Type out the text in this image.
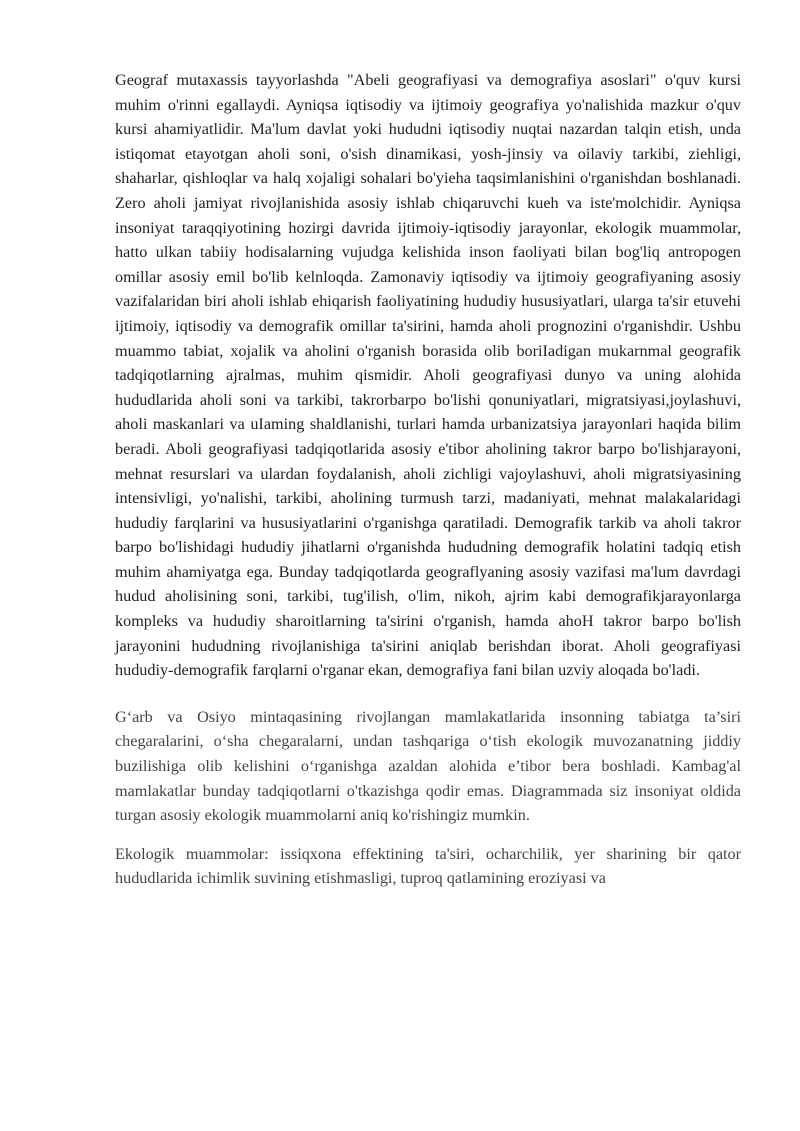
Geograf mutaxassis tayyorlashda "Abeli geografiyasi va demografiya asoslari" o'quv kursi muhim o'rinni egallaydi. Ayniqsa iqtisodiy va ijtimoiy geografiya yo'nalishida mazkur o'quv kursi ahamiyatlidir. Ma'lum davlat yoki hududni iqtisodiy nuqtai nazardan talqin etish, unda istiqomat etayotgan aholi soni, o'sish dinamikasi, yosh-jinsiy va oilaviy tarkibi, ziehligi, shaharlar, qishloqlar va halq xojaligi sohalari bo'yieha taqsimlanishini o'rganishdan boshlanadi. Zero aholi jamiyat rivojlanishida asosiy ishlab chiqaruvchi kueh va iste'molchidir. Ayniqsa insoniyat taraqqiyotining hozirgi davrida ijtimoiy-iqtisodiy jarayonlar, ekologik muammolar, hatto ulkan tabiiy hodisalarning vujudga kelishida inson faoliyati bilan bog'liq antropogen omillar asosiy emil bo'lib kelnloqda. Zamonaviy iqtisodiy va ijtimoiy geografiyaning asosiy vazifalaridan biri aholi ishlab ehiqarish faoliyatining hududiy hususiyatlari, ularga ta'sir etuvehi ijtimoiy, iqtisodiy va demografik omillar ta'sirini, hamda aholi prognozini o'rganishdir. Ushbu muammo tabiat, xojalik va aholini o'rganish borasida olib boriIadigan mukarnmal geografik tadqiqotlarning ajralmas, muhim qismidir. Aholi geografiyasi dunyo va uning alohida hududlarida aholi soni va tarkibi, takrorbarpo bo'lishi qonuniyatlari, migratsiyasi,joylashuvi, aholi maskanlari va uIaming shaldlanishi, turlari hamda urbanizatsiya jarayonlari haqida bilim beradi. Aboli geografiyasi tadqiqotlarida asosiy e'tibor aholining takror barpo bo'lishjarayoni, mehnat resurslari va ulardan foydalanish, aholi zichligi vajoylashuvi, aholi migratsiyasining intensivligi, yo'nalishi, tarkibi, aholining turmush tarzi, madaniyati, mehnat malakalaridagi hududiy farqlarini va hususiyatlarini o'rganishga qaratiladi. Demografik tarkib va aholi takror barpo bo'lishidagi hududiy jihatlarni o'rganishda hududning demografik holatini tadqiq etish muhim ahamiyatga ega. Bunday tadqiqotlarda geograflyaning asosiy vazifasi ma'lum davrdagi hudud aholisining soni, tarkibi, tug'ilish, o'lim, nikoh, ajrim kabi demografikjarayonlarga kompleks va hududiy sharoitlarning ta'sirini o'rganish, hamda ahoH takror barpo bo'lish jarayonini hududning rivojlanishiga ta'sirini aniqlab berishdan iborat. Aholi geografiyasi hududiy-demografik farqlarni o'rganar ekan, demografiya fani bilan uzviy aloqada bo'ladi.

G‘arb va Osiyo mintaqasining rivojlangan mamlakatlarida insonning tabiatga ta’siri chegaralarini, o‘sha chegaralarni, undan tashqariga o‘tish ekologik muvozanatning jiddiy buzilishiga olib kelishini o‘rganishga azaldan alohida e’tibor bera boshladi. Kambag'al mamlakatlar bunday tadqiqotlarni o'tkazishga qodir emas. Diagrammada siz insoniyat oldida turgan asosiy ekologik muammolarni aniq ko'rishingiz mumkin.

Ekologik muammolar: issiqxona effektining ta'siri, ocharchilik, yer sharining bir qator hududlarida ichimlik suvining etishmasligi, tuproq qatlamining eroziyasi va
